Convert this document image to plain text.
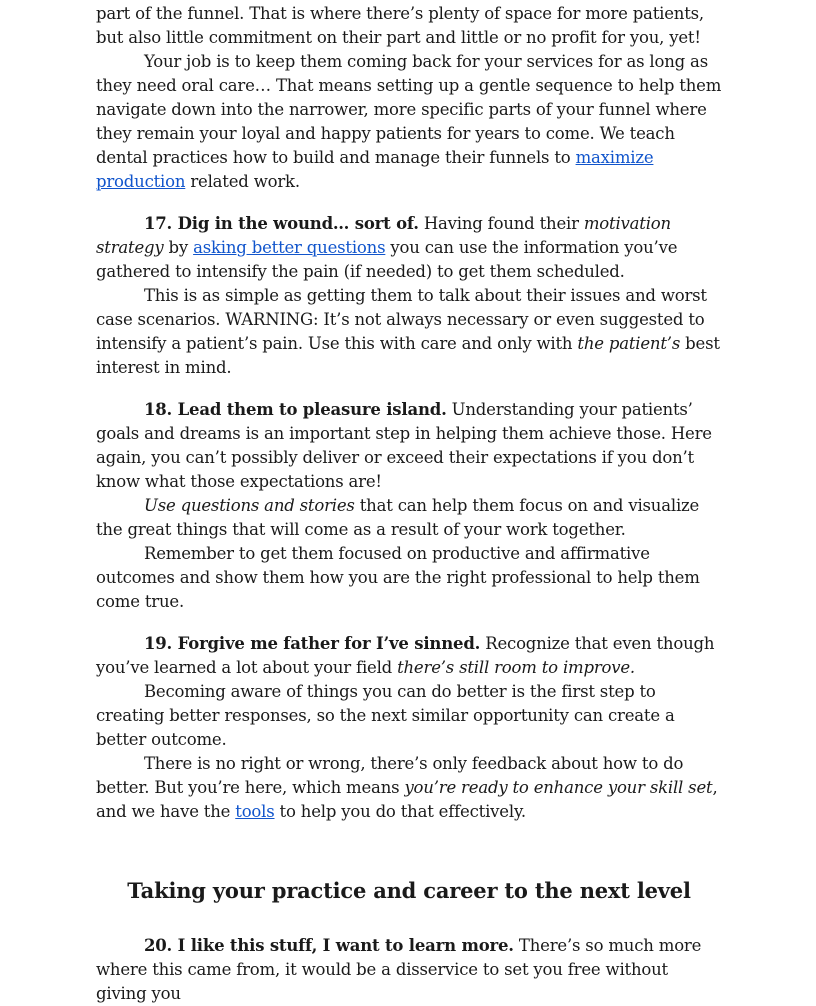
part of the funnel. That is where there’s plenty of space for more patients, but also little commitment on their part and little or no profit for you, yet!

Your job is to keep them coming back for your services for as long as they need oral care… That means setting up a gentle sequence to help them navigate down into the narrower, more specific parts of your funnel where they remain your loyal and happy patients for years to come. We teach dental practices how to build and manage their funnels to maximize production related work.

17. Dig in the wound… sort of. Having found their motivation strategy by asking better questions you can use the information you’ve gathered to intensify the pain (if needed) to get them scheduled.

This is as simple as getting them to talk about their issues and worst case scenarios. WARNING: It’s not always necessary or even suggested to intensify a patient’s pain. Use this with care and only with the patient’s best interest in mind.

18. Lead them to pleasure island. Understanding your patients’ goals and dreams is an important step in helping them achieve those. Here again, you can’t possibly deliver or exceed their expectations if you don’t know what those expectations are!

Use questions and stories that can help them focus on and visualize the great things that will come as a result of your work together.

Remember to get them focused on productive and affirmative outcomes and show them how you are the right professional to help them come true.

19. Forgive me father for I’ve sinned. Recognize that even though you’ve learned a lot about your field there’s still room to improve.

Becoming aware of things you can do better is the first step to creating better responses, so the next similar opportunity can create a better outcome.

There is no right or wrong, there’s only feedback about how to do better. But you’re here, which means you’re ready to enhance your skill set, and we have the tools to help you do that effectively.

Taking your practice and career to the next level

20. I like this stuff, I want to learn more. There’s so much more where this came from, it would be a disservice to set you free without giving you
